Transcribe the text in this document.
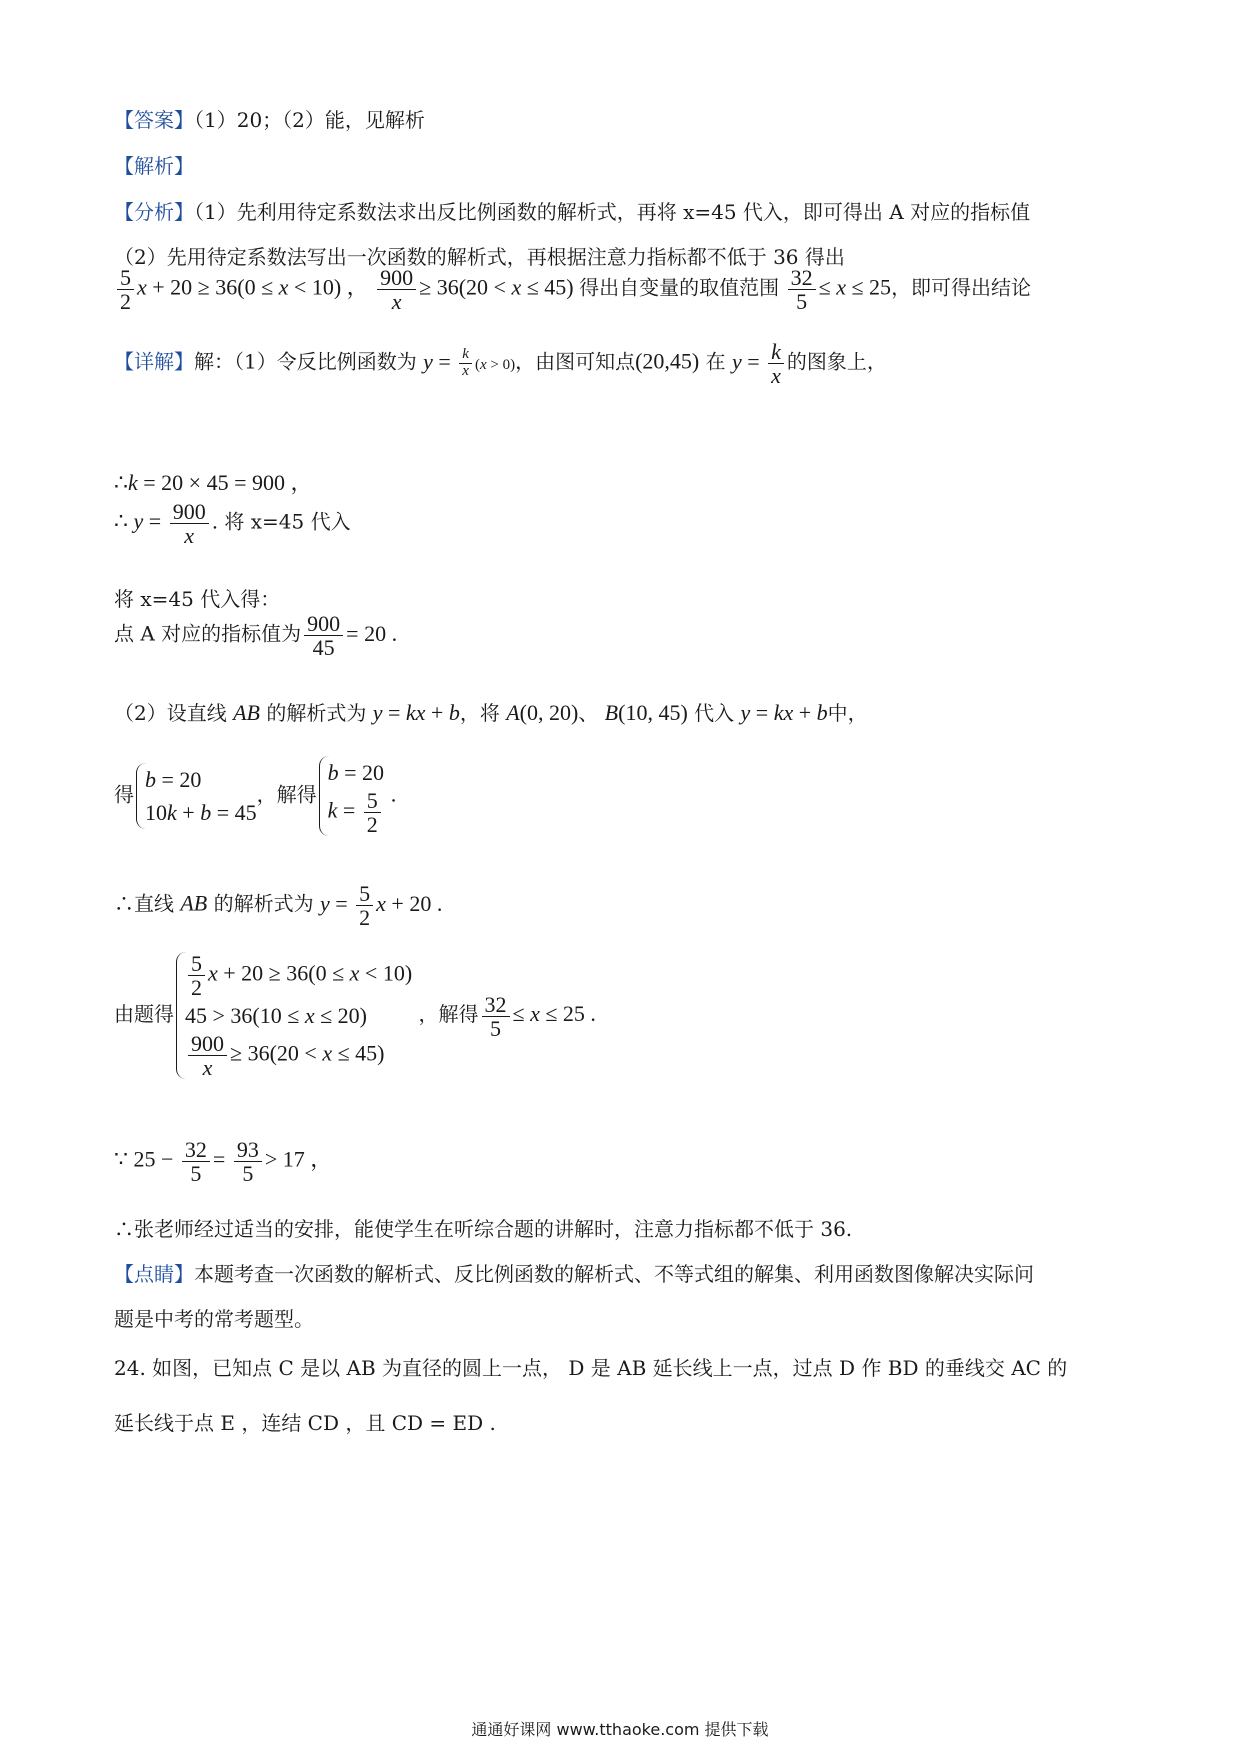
【答案】（1）20；（2）能，见解析
【解析】
【分析】（1）先利用待定系数法求出反比例函数的解析式，再将 x=45 代入，即可得出 A 对应的指标值
（2）先用待定系数法写出一次函数的解析式，再根据注意力指标都不低于 36 得出
$\frac{5}{2}$ x + 20 ≥ 36(0 ≤ x < 10) ， $\frac{900}{x} \ge 36(20 < x \le 45)$ 得出自变量的取值范围 $\frac{32}{5} \le x \le 25$，即可得出结论
【详解】解：（1）令反比例函数为 $y = \frac{k}{x} (x > 0)$，由图可知点(20,45) 在 $y = \frac{k}{x}$ 的图象上，
∴k = 20 × 45 = 900 ，
∴ $y = \frac{900}{x}$ . 将 x=45 代入
将 x=45 代入得：
点 A 对应的指标值为 $\frac{900}{45} = 20$ .
（2）设直线 AB 的解析式为 y = kx + b，将 A(0, 20)、 B(10, 45) 代入 y = kx + b中，
得
b = 20
10k + b = 45
，解得
b = 20
$k = \frac{5}{2}$ .
∴直线 AB 的解析式为 $y = \frac{5}{2}$ x + 20 .
由题得
$\frac{5}{2}$ x + 20 ≥ 36(0 ≤ x < 10)
45 > 36(10 ≤ x ≤ 20)
$\frac{900}{x} \ge 36(20 < x \le 45)$
，解得 $\frac{32}{5} \le x \le 25$ .
∵ $25 - \frac{32}{5} = \frac{93}{5} > 17$ ，
∴张老师经过适当的安排，能使学生在听综合题的讲解时，注意力指标都不低于 36.
【点睛】本题考查一次函数的解析式、反比例函数的解析式、不等式组的解集、利用函数图像解决实际问
题是中考的常考题型。
24. 如图，已知点 C 是以 AB 为直径的圆上一点， D 是 AB 延长线上一点，过点 D 作 BD 的垂线交 AC 的
延长线于点 E ，连结 CD ，且 CD = ED .
通通好课网 www.tthaoke.com 提供下载
